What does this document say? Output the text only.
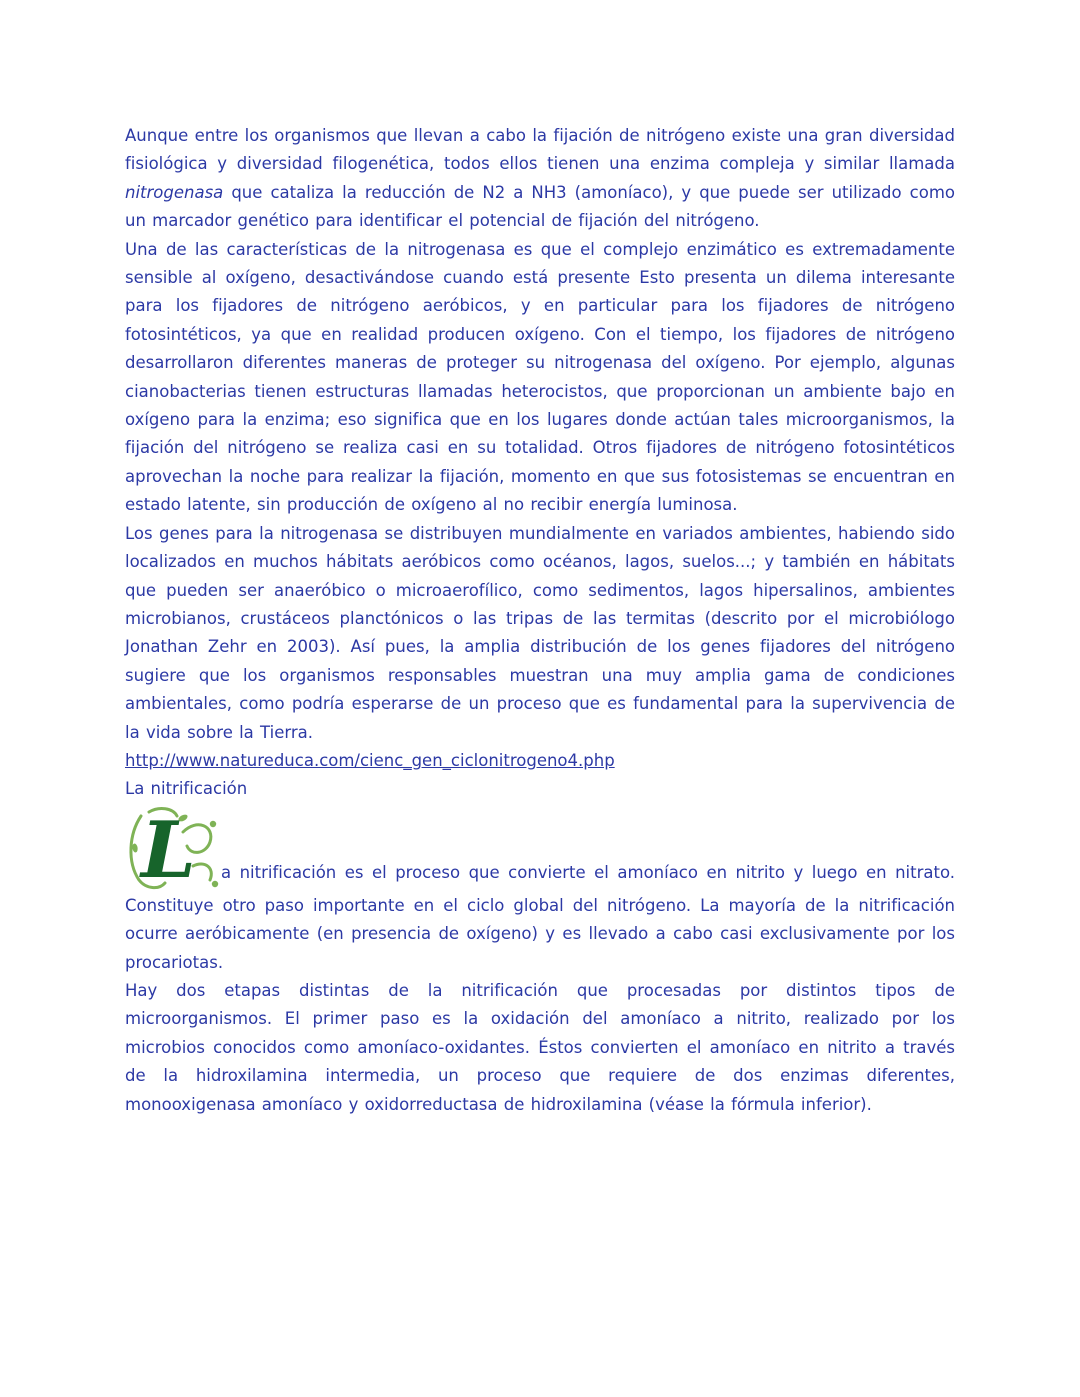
Aunque entre los organismos que llevan a cabo la fijación de nitrógeno existe una gran diversidad fisiológica y diversidad filogenética, todos ellos tienen una enzima compleja y similar llamada nitrogenasa que cataliza la reducción de N2 a NH3 (amoníaco), y que puede ser utilizado como un marcador genético para identificar el potencial de fijación del nitrógeno.

Una de las características de la nitrogenasa es que el complejo enzimático es extremadamente sensible al oxígeno, desactivándose cuando está presente Esto presenta un dilema interesante para los fijadores de nitrógeno aeróbicos, y en particular para los fijadores de nitrógeno fotosintéticos, ya que en realidad producen oxígeno. Con el tiempo, los fijadores de nitrógeno desarrollaron diferentes maneras de proteger su nitrogenasa del oxígeno. Por ejemplo, algunas cianobacterias tienen estructuras llamadas heterocistos, que proporcionan un ambiente bajo en oxígeno para la enzima; eso significa que en los lugares donde actúan tales microorganismos, la fijación del nitrógeno se realiza casi en su totalidad. Otros fijadores de nitrógeno fotosintéticos aprovechan la noche para realizar la fijación, momento en que sus fotosistemas se encuentran en estado latente, sin producción de oxígeno al no recibir energía luminosa.

Los genes para la nitrogenasa se distribuyen mundialmente en variados ambientes, habiendo sido localizados en muchos hábitats aeróbicos como océanos, lagos, suelos...; y también en hábitats que pueden ser anaeróbico o microaerofílico, como sedimentos, lagos hipersalinos, ambientes microbianos, crustáceos planctónicos o las tripas de las termitas (descrito por el microbiólogo Jonathan Zehr en 2003). Así pues, la amplia distribución de los genes fijadores del nitrógeno sugiere que los organismos responsables muestran una muy amplia gama de condiciones ambientales, como podría esperarse de un proceso que es fundamental para la supervivencia de la vida sobre la Tierra.

http://www.natureduca.com/cienc_gen_ciclonitrogeno4.php

La nitrificación

L a nitrificación es el proceso que convierte el amoníaco en nitrito y luego en nitrato. Constituye otro paso importante en el ciclo global del nitrógeno. La mayoría de la nitrificación ocurre aeróbicamente (en presencia de oxígeno) y es llevado a cabo casi exclusivamente por los procariotas.

Hay dos etapas distintas de la nitrificación que procesadas por distintos tipos de microorganismos. El primer paso es la oxidación del amoníaco a nitrito, realizado por los microbios conocidos como amoníaco-oxidantes. Éstos convierten el amoníaco en nitrito a través de la hidroxilamina intermedia, un proceso que requiere de dos enzimas diferentes, monooxigenasa amoníaco y oxidorreductasa de hidroxilamina (véase la fórmula inferior).
